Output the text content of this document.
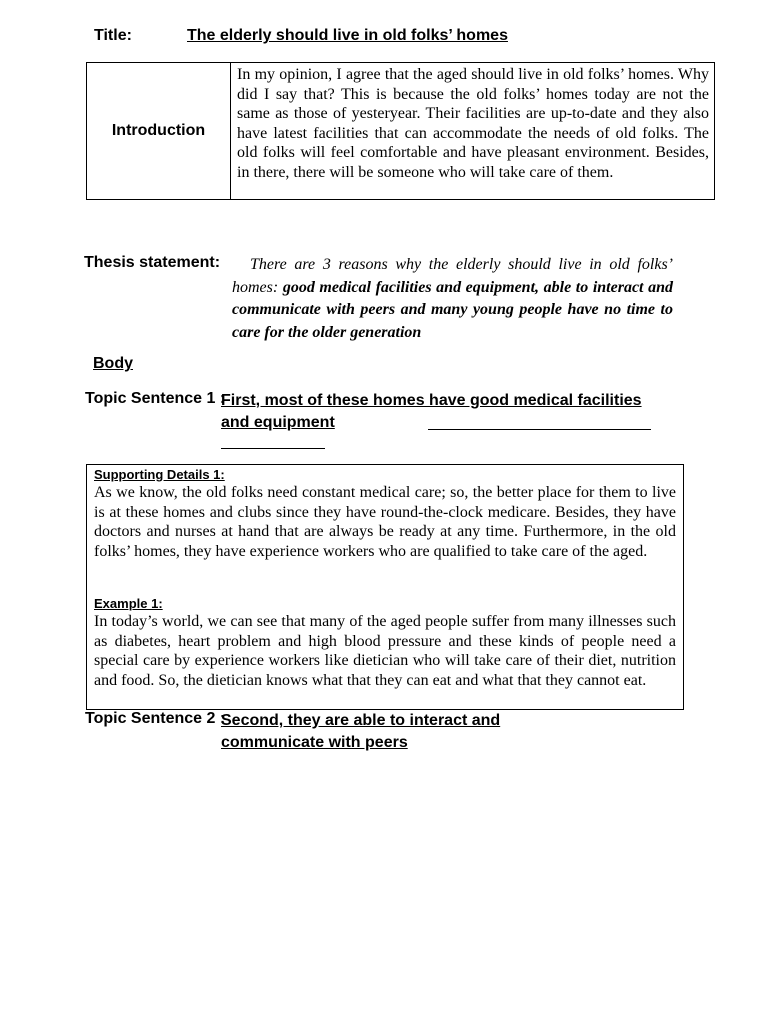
Title:	The elderly should live in old folks’ homes
Introduction
In my opinion, I agree that the aged should live in old folks’ homes. Why did I say that? This is because the old folks’ homes today are not the same as those of yesteryear. Their facilities are up-to-date and they also have latest facilities that can accommodate the needs of old folks. The old folks will feel comfortable and have pleasant environment. Besides, in there, there will be someone who will take care of them.
Thesis statement:	There are 3 reasons why the elderly should live in old folks’ homes: good medical facilities and equipment, able to interact and communicate with peers and many young people have no time to care for the older generation
Body
Topic Sentence 1 :
First, most of these homes have good medical facilities and equipment
Supporting Details 1:
As we know, the old folks need constant medical care; so, the better place for them to live is at these homes and clubs since they have round-the-clock medicare. Besides, they have doctors and nurses at hand that are always be ready at any time. Furthermore, in the old folks’ homes, they have experience workers who are qualified to take care of the aged.
Example 1:
In today’s world, we can see that many of the aged people suffer from many illnesses such as diabetes, heart problem and high blood pressure and these kinds of people need a special care by experience workers like dietician who will take care of their diet, nutrition and food. So, the dietician knows what that they can eat and what that they cannot eat.
Topic Sentence 2 :
Second, they are able to interact and communicate with peers
